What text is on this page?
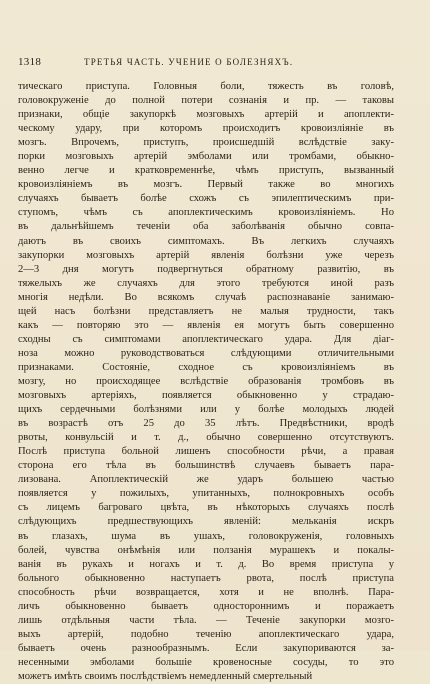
1318	ТРЕТЬЯ ЧАСТЬ. УЧЕНИЕ О БОЛЕЗНЯХЪ.
тическаго приступа. Головныя боли, тяжесть въ головѣ,
головокруженіе до полной потери сознанія и пр. — таковы
признаки, общіе закупоркѣ мозговыхъ артерій и апоплекти-
ческому удару, при которомъ происходитъ кровоизліяніе въ
мозгъ. Впрочемъ, приступъ, происшедшій вслѣдствіе заку-
порки мозговыхъ артерій эмболами или тромбами, обыкно-
венно легче и кратковременнѣе, чѣмъ приступъ, вызванный
кровоизліяніемъ въ мозгъ. Первый также во многихъ
случаяхъ бываетъ болѣе схожъ съ эпилептическимъ при-
ступомъ, чѣмъ съ апоплектическимъ кровоизліяніемъ. Но
въ дальнѣйшемъ теченіи оба заболѣванія обычно совпа-
даютъ въ своихъ симптомахъ. Въ легкихъ случаяхъ
закупорки мозговыхъ артерій явленія болѣзни уже черезъ
2—3 дня могутъ подвергнуться обратному развитію, въ
тяжелыхъ же случаяхъ для этого требуются иной разъ
многія недѣли. Во всякомъ случаѣ распознаваніе занимаю-
щей насъ болѣзни представляетъ не малыя трудности, такъ
какъ — повторяю это — явленія ея могутъ быть совершенно
сходны съ симптомами апоплектическаго удара. Для діаг-
ноза можно руководствоваться слѣдующими отличительными
признаками. Состояніе, сходное съ кровоизліяніемъ въ
мозгу, но происходящее вслѣдствіе образованія тромбовъ въ
мозговыхъ артеріяхъ, появляется обыкновенно у страдаю-
щихъ сердечными болѣзнями или у болѣе молодыхъ людей
въ возрастѣ отъ 25 до 35 лѣтъ. Предвѣстники, вродѣ
рвоты, конвульсій и т. д., обычно совершенно отсутствуютъ.
Послѣ приступа больной лишенъ способности рѣчи, а правая
сторона его тѣла въ большинствѣ случаевъ бываетъ пара-
лизована. Апоплектическій же ударъ большею частью
появляется у пожилыхъ, упитанныхъ, полнокровныхъ особъ
съ лицемъ багроваго цвѣта, въ нѣкоторыхъ случаяхъ послѣ
слѣдующихъ предшествующихъ явленій: мельканія искръ
въ глазахъ, шума въ ушахъ, головокруженія, головныхъ
болей, чувства онѣмѣнія или ползанія мурашекъ и покалы-
ванія въ рукахъ и ногахъ и т. д. Во время приступа у
больного обыкновенно наступаетъ рвота, послѣ приступа
способность рѣчи возвращается, хотя и не вполнѣ. Пара-
личъ обыкновенно бываетъ одностороннимъ и поражаетъ
лишь отдѣльныя части тѣла. — Теченіе закупорки мозго-
выхъ артерій, подобно теченію апоплектическаго удара,
бываетъ очень разнообразнымъ. Если закупориваются за-
несенными эмболами большіе кровеносные сосуды, то это
можетъ имѣть своимъ послѣдствіемъ немедленный смертельный
